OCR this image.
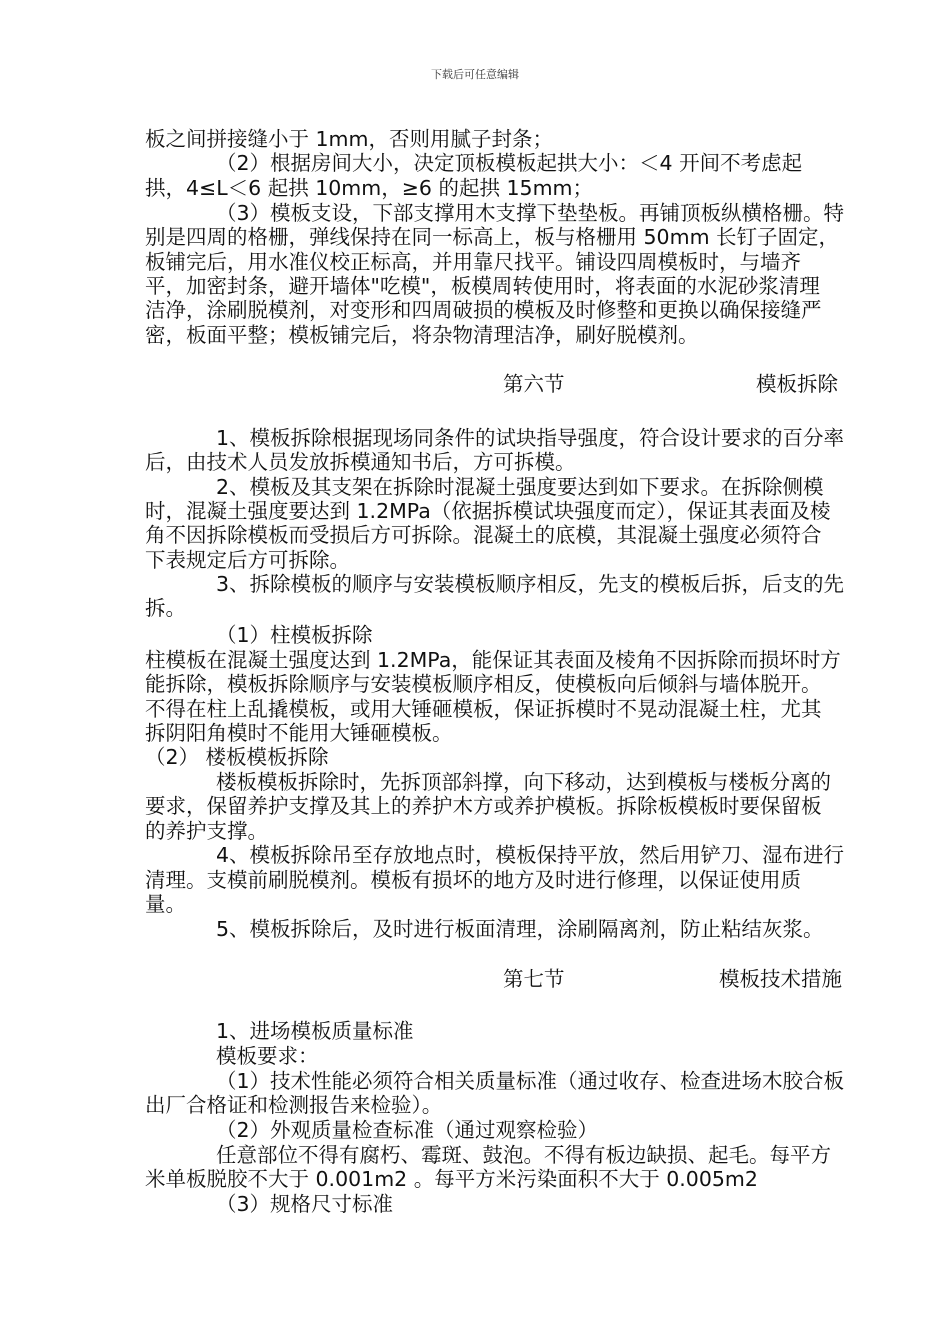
下载后可任意编辑
板之间拼接缝小于 1mm，否则用腻子封条；
（2）根据房间大小，决定顶板模板起拱大小：＜4 开间不考虑起
拱，4≤L＜6 起拱 10mm，≥6 的起拱 15mm；
（3）模板支设，下部支撑用木支撑下垫垫板。再铺顶板纵横格栅。特
别是四周的格栅，弹线保持在同一标高上，板与格栅用 50mm 长钉子固定，
板铺完后，用水准仪校正标高，并用靠尺找平。铺设四周模板时，与墙齐
平，加密封条，避开墙体"吃模"，板模周转使用时，将表面的水泥砂浆清理
洁净，涂刷脱模剂，对变形和四周破损的模板及时修整和更换以确保接缝严
密，板面平整；模板铺完后，将杂物清理洁净，刷好脱模剂。
第六节	模板拆除
1、模板拆除根据现场同条件的试块指导强度，符合设计要求的百分率
后，由技术人员发放拆模通知书后，方可拆模。
2、模板及其支架在拆除时混凝土强度要达到如下要求。在拆除侧模
时，混凝土强度要达到 1.2MPa（依据拆模试块强度而定），保证其表面及棱
角不因拆除模板而受损后方可拆除。混凝土的底模，其混凝土强度必须符合
下表规定后方可拆除。
3、拆除模板的顺序与安装模板顺序相反，先支的模板后拆，后支的先
拆。
（1）柱模板拆除
柱模板在混凝土强度达到 1.2MPa，能保证其表面及棱角不因拆除而损坏时方
能拆除，模板拆除顺序与安装模板顺序相反，使模板向后倾斜与墙体脱开。
不得在柱上乱撬模板，或用大锤砸模板，保证拆模时不晃动混凝土柱，尤其
拆阴阳角模时不能用大锤砸模板。
（2） 楼板模板拆除
楼板模板拆除时，先拆顶部斜撑，向下移动，达到模板与楼板分离的
要求，保留养护支撑及其上的养护木方或养护模板。拆除板模板时要保留板
的养护支撑。
4、模板拆除吊至存放地点时，模板保持平放，然后用铲刀、湿布进行
清理。支模前刷脱模剂。模板有损坏的地方及时进行修理，以保证使用质
量。
5、模板拆除后，及时进行板面清理，涂刷隔离剂，防止粘结灰浆。
第七节	模板技术措施
1、进场模板质量标准
模板要求：
（1）技术性能必须符合相关质量标准（通过收存、检查进场木胶合板
出厂合格证和检测报告来检验）。
（2）外观质量检查标准（通过观察检验）
任意部位不得有腐朽、霉斑、鼓泡。不得有板边缺损、起毛。每平方
米单板脱胶不大于 0.001m2 。每平方米污染面积不大于 0.005m2
（3）规格尺寸标准
